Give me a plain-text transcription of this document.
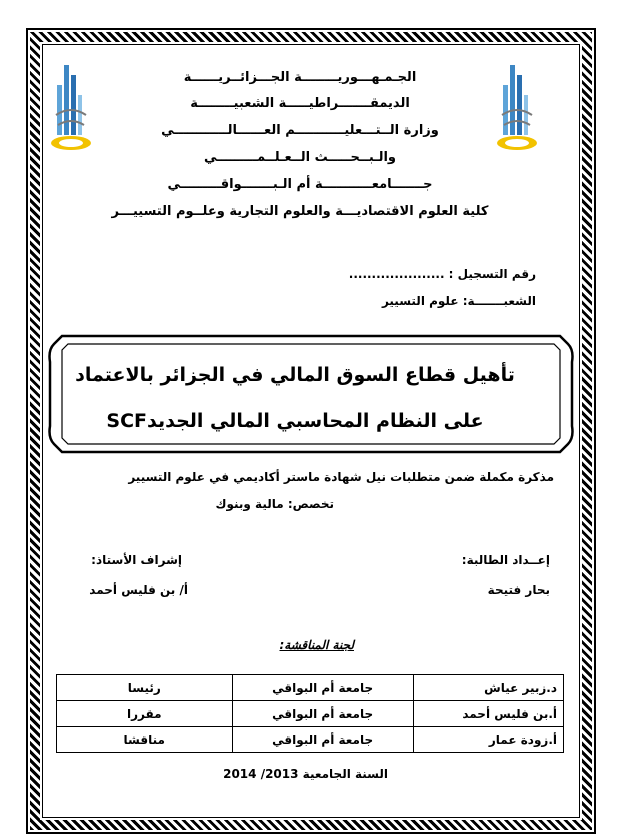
الجـمـهـــوريــــــــة الجـــزائــريــــــة
الديمقـــــــراطيـــــة الشعبيــــــــة
وزارة الــتـــعليـــــــــــم العــــــالــــــــــــي
والـبــحـــــث الــعـلــمـــــــــي
جـــــــامعـــــــــــة أم الـبـــــــواقـــــــــي
كلية العلوم الاقتصاديـــة والعلوم التجارية وعلــوم التسييـــر
رقم التسجيل : .....................
الشعبـــــــة: علوم التسيير
تأهيل قطاع السوق المالي في الجزائر بالاعتماد
على النظام المحاسبي المالي الجديدSCF
مذكرة مكملة ضمن متطلبات نيل شهادة ماستر أكاديمي في علوم التسيير
تخصص: مالية وبنوك
إعــداد الطالبة:
بحار فتيحة
إشراف الأستاذ:
أ/ بن فليس أحمد
لجنة المناقشة:
د.زبير عياش	جامعة أم البواقي	رئيسا
أ.بن فليس أحمد	جامعة أم البواقي	مقررا
أ.زودة عمار	جامعة أم البواقي	مناقشا
السنة الجامعية 2013/ 2014
